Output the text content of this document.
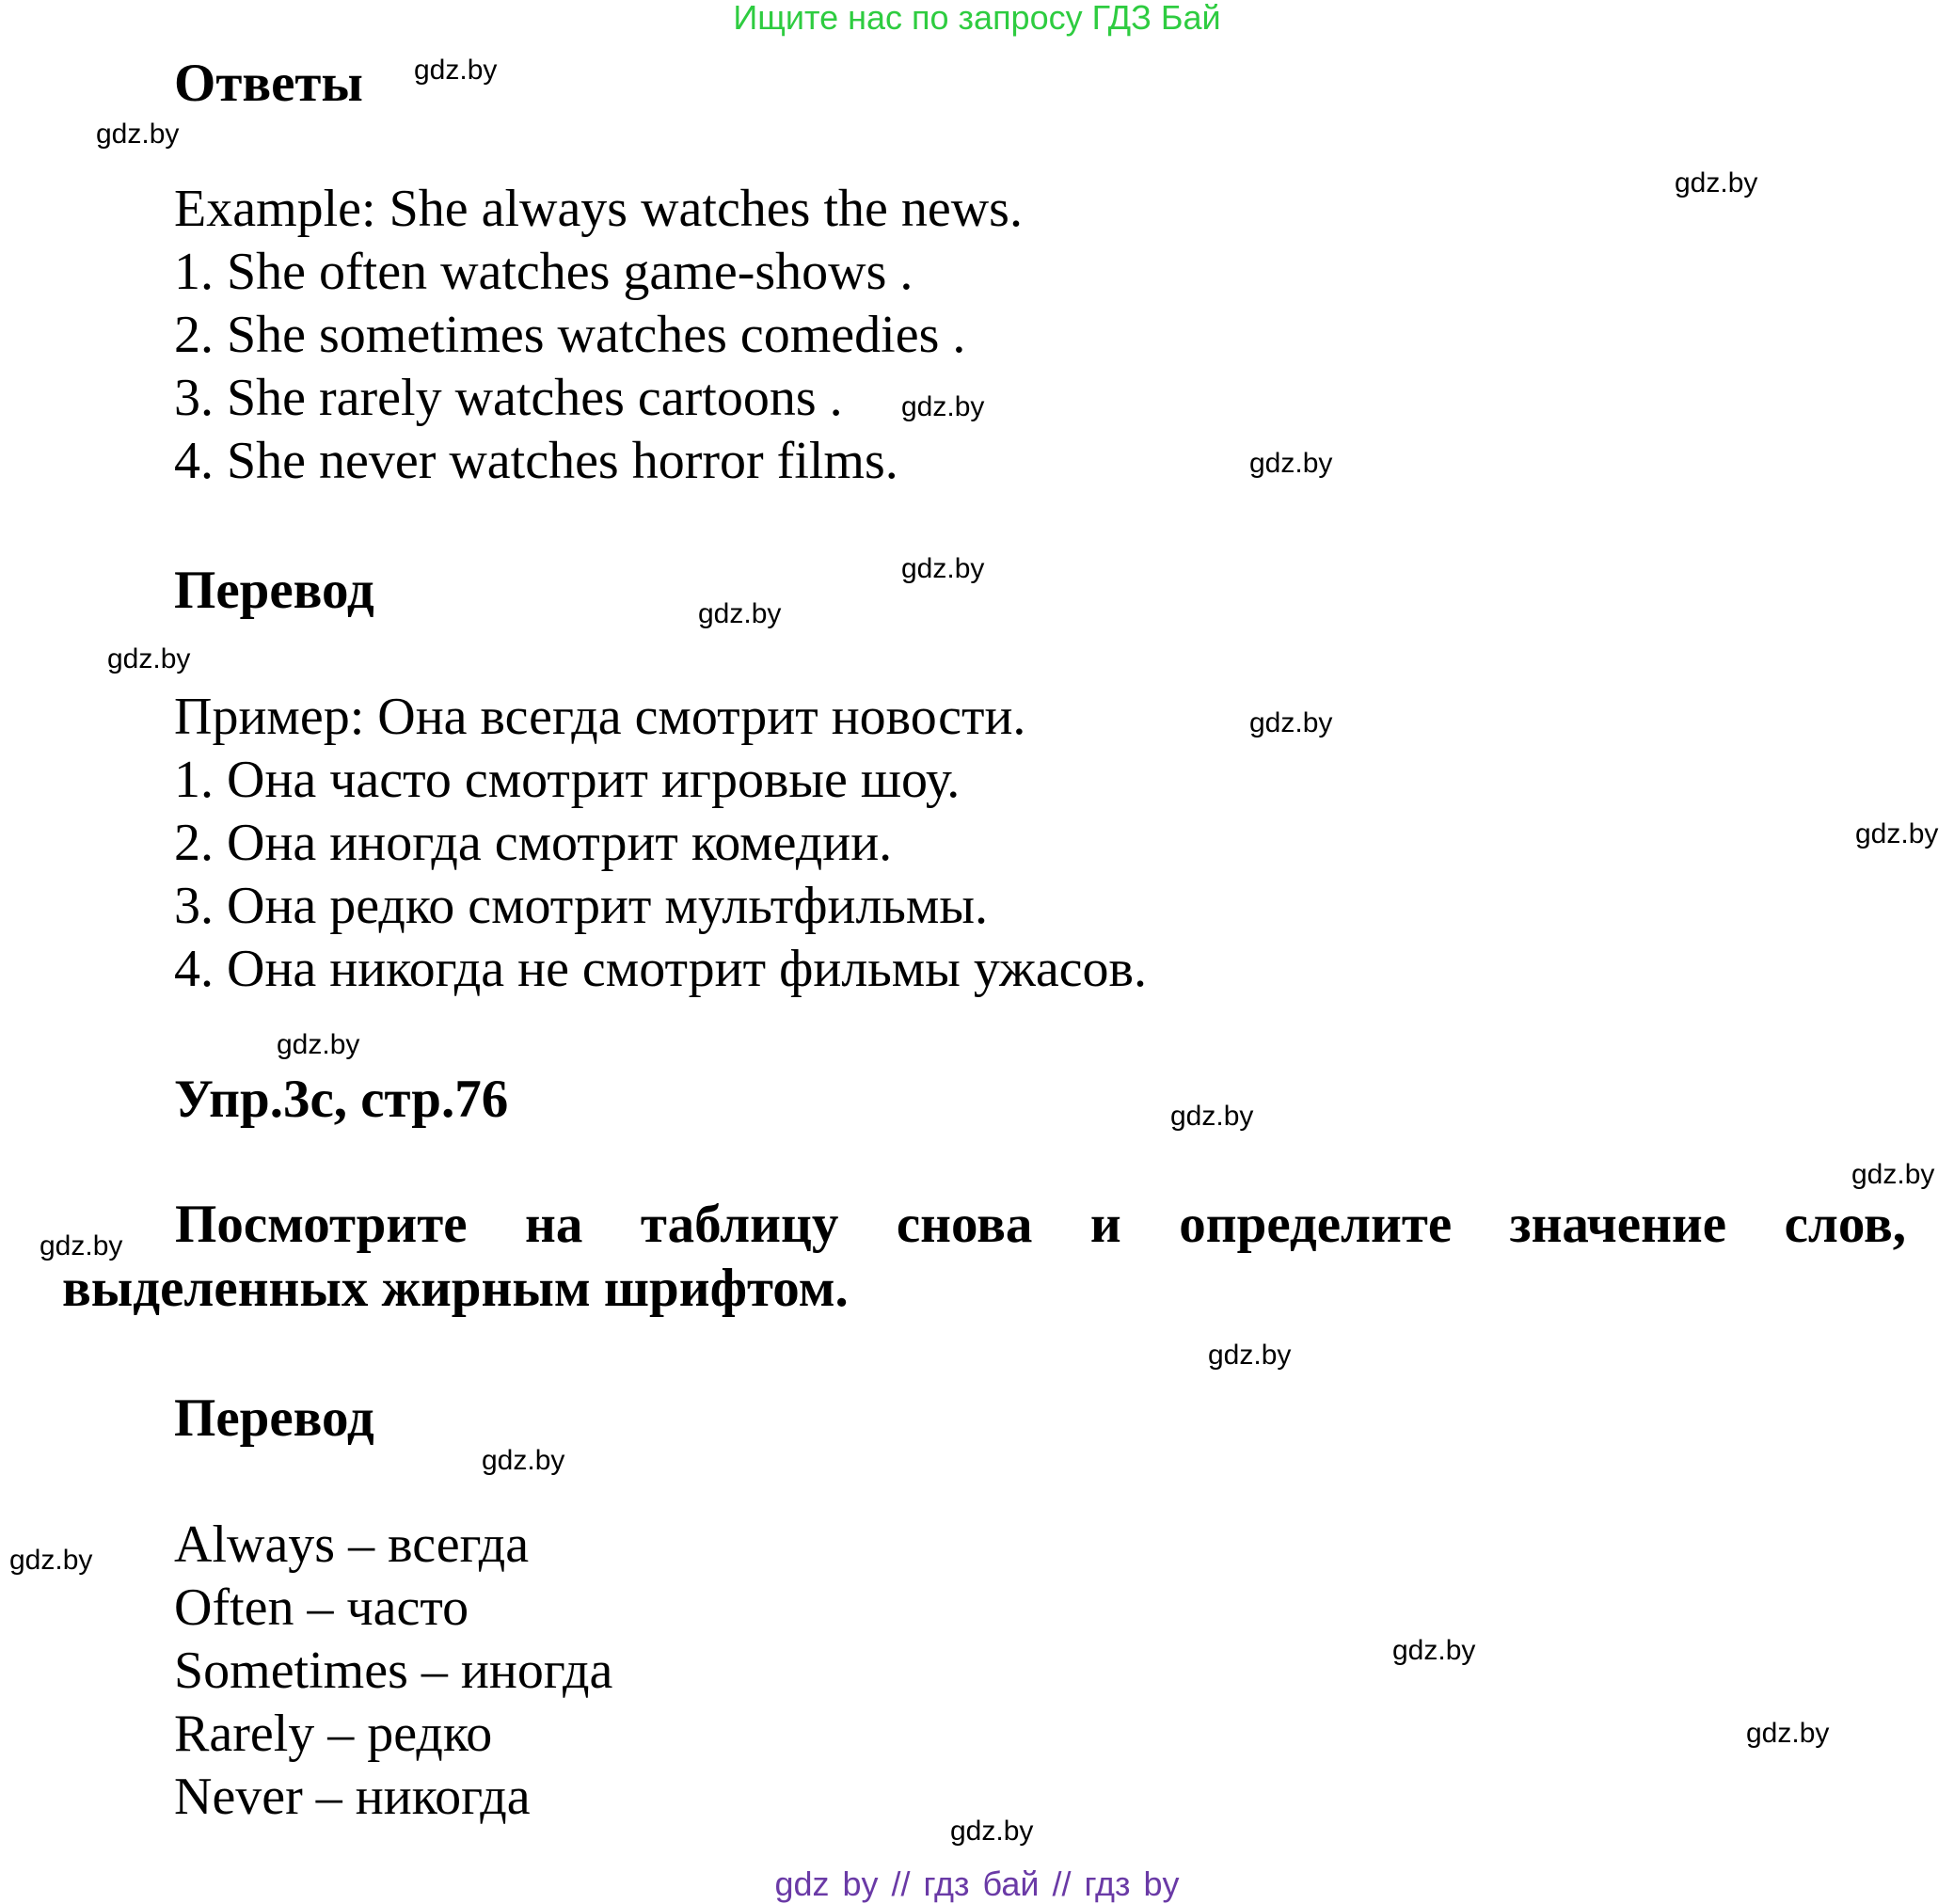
Ищите нас по запросу ГДЗ Бай
Ответы
Example: She always watches the news.
1. She often watches game-shows .
2. She sometimes watches comedies .
3. She rarely watches cartoons .
4. She never watches horror films.
Перевод
Пример: Она всегда смотрит новости.
1. Она часто смотрит игровые шоу.
2. Она иногда смотрит комедии.
3. Она редко смотрит мультфильмы.
4. Она никогда не смотрит фильмы ужасов.
Упр.3с, стр.76
Посмотрите на таблицу снова и определите значение слов, выделенных жирным шрифтом.
Перевод
Always – всегда
Often – часто
Sometimes – иногда
Rarely – редко
Never – никогда
gdz.by
gdz.by
gdz.by
gdz.by
gdz.by
gdz.by
gdz.by
gdz.by
gdz.by
gdz.by
gdz.by
gdz.by
gdz.by
gdz.by
gdz.by
gdz.by
gdz.by
gdz.by
gdz.by
gdz.by
gdz by // гдз бай // гдз by
